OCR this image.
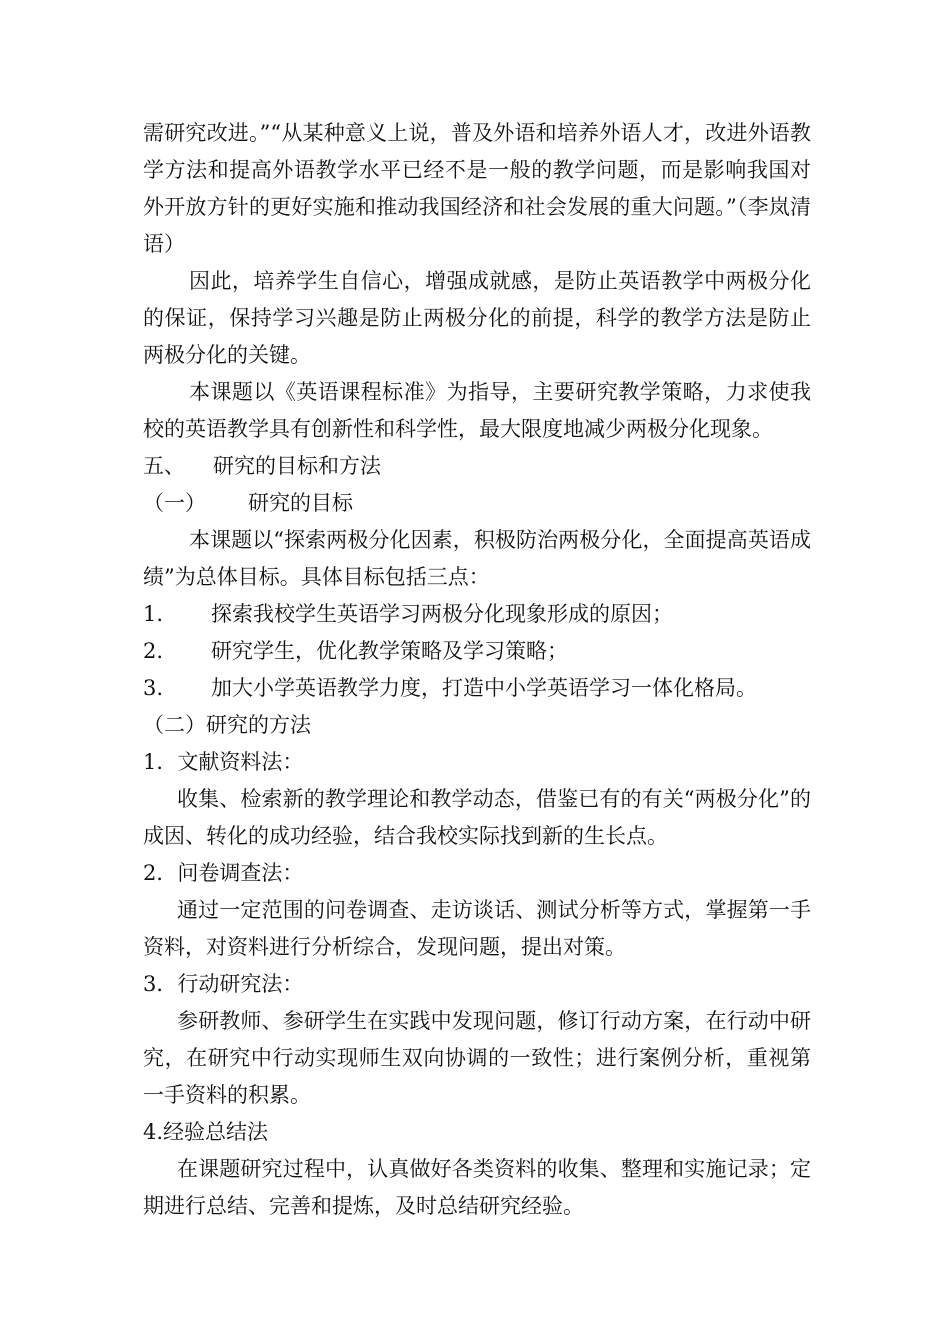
需研究改进。”“从某种意义上说，普及外语和培养外语人才，改进外语教学方法和提高外语教学水平已经不是一般的教学问题，而是影响我国对外开放方针的更好实施和推动我国经济和社会发展的重大问题。”（李岚清语）

因此，培养学生自信心，增强成就感，是防止英语教学中两极分化的保证，保持学习兴趣是防止两极分化的前提，科学的教学方法是防止两极分化的关键。

本课题以《英语课程标准》为指导，主要研究教学策略，力求使我校的英语教学具有创新性和科学性，最大限度地减少两极分化现象。

五、 研究的目标和方法

（一） 研究的目标

本课题以“探索两极分化因素，积极防治两极分化，全面提高英语成绩”为总体目标。具体目标包括三点：

1. 探索我校学生英语学习两极分化现象形成的原因；

2. 研究学生，优化教学策略及学习策略；

3. 加大小学英语教学力度，打造中小学英语学习一体化格局。

（二）研究的方法

1．文献资料法：

收集、检索新的教学理论和教学动态，借鉴已有的有关“两极分化”的成因、转化的成功经验，结合我校实际找到新的生长点。

2．问卷调查法：

通过一定范围的问卷调查、走访谈话、测试分析等方式，掌握第一手资料，对资料进行分析综合，发现问题，提出对策。

3．行动研究法：

参研教师、参研学生在实践中发现问题，修订行动方案，在行动中研究，在研究中行动实现师生双向协调的一致性；进行案例分析，重视第一手资料的积累。

4.经验总结法

在课题研究过程中，认真做好各类资料的收集、整理和实施记录；定期进行总结、完善和提炼，及时总结研究经验。
